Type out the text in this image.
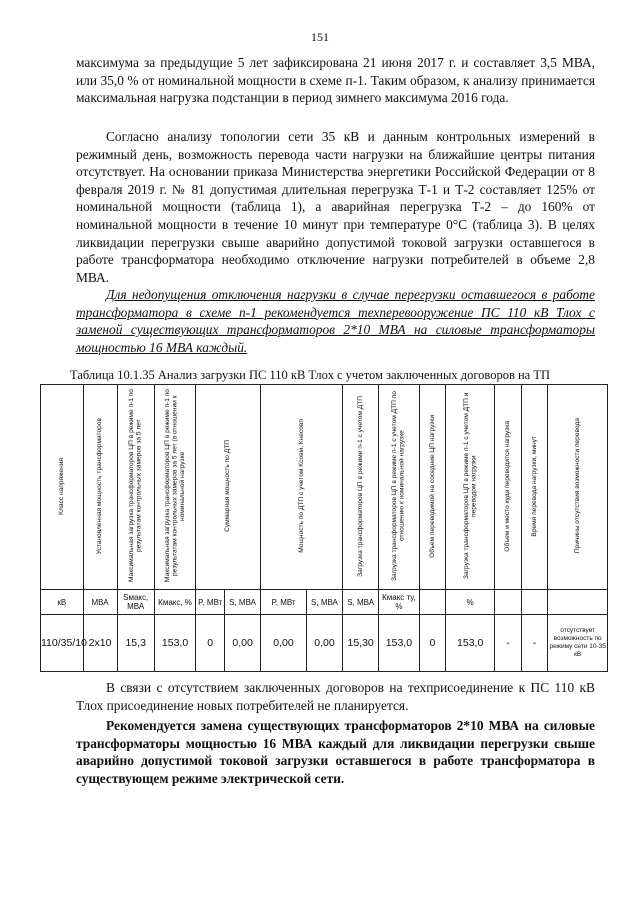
151
максимума за предыдущие 5 лет зафиксирована 21 июня 2017 г. и составляет 3,5 МВА, или 35,0 % от номинальной мощности в схеме п-1. Таким образом, к анализу принимается максимальная нагрузка подстанции в период зимнего максимума 2016 года.
Согласно анализу топологии сети 35 кВ и данным контрольных измерений в режимный день, возможность перевода части нагрузки на ближайшие центры питания отсутствует. На основании приказа Министерства энергетики Российской Федерации от 8 февраля 2019 г. № 81 допустимая длительная перегрузка Т-1 и Т-2 составляет 125% от номинальной мощности (таблица 1), а аварийная перегрузка Т-2 – до 160% от номинальной мощности в течение 10 минут при температуре 0°С (таблица 3). В целях ликвидации перегрузки свыше аварийно допустимой токовой загрузки оставшегося в работе трансформатора необходимо отключение нагрузки потребителей в объеме 2,8 МВА.
Для недопущения отключения нагрузки в случае перегрузки оставшегося в работе трансформатора в схеме п-1 рекомендуется техперевооружение ПС 110 кВ Тлох с заменой существующих трансформаторов 2*10 МВА на силовые трансформаторы мощностью 16 МВА каждый.
Таблица 10.1.35 Анализ загрузки ПС 110 кВ Тлох с учетом заключенных договоров на ТП
Класс напряжения	Установленная мощность трансформаторов	Максимальная загрузка трансформаторов ЦП в режиме п-1 по результатам контрольных замеров за 5 лет	Максимальная загрузка трансформаторов ЦП в режиме п-1 по результатам контрольных замеров за 5 лет (в отношении к номинальной нагрузке	Суммарная мощность по ДТП		Мощность по ДТП с учетом Ксовм, Кнесовп		Загрузка трансформаторов ЦП в режиме п-1 с учетом ДТП	Загрузка трансформаторов ЦП в режиме п-1 с учетом ДТП по отношению к номинальной нагрузке	Объем переводимой на соседние ЦП нагрузки	Загрузка трансформаторов ЦП в режиме п-1 с учетом ДТП и переводом нагрузки	Объем и место куда переводится нагрузка	Время перевода нагрузки, минут	Причины отсутствия возможности перевода
кВ	МВА	Sмакс, МВА	Кмакс, %	P, МВт	S, МВА	P, МВт	S, МВА	S, МВА	Кмакс ту, %		%			
110/35/10	2х10	15,3	153,0	0	0,00	0,00	0,00	15,30	153,0	0	153,0	-	-	отсутствует возможность по режиму сети 10-35 кВ
В связи с отсутствием заключенных договоров на техприсоединение к ПС 110 кВ Тлох присоединение новых потребителей не планируется.
Рекомендуется замена существующих трансформаторов 2*10 МВА на силовые трансформаторы мощностью 16 МВА каждый для ликвидации перегрузки свыше аварийно допустимой токовой загрузки оставшегося в работе трансформатора в существующем режиме электрической сети.
